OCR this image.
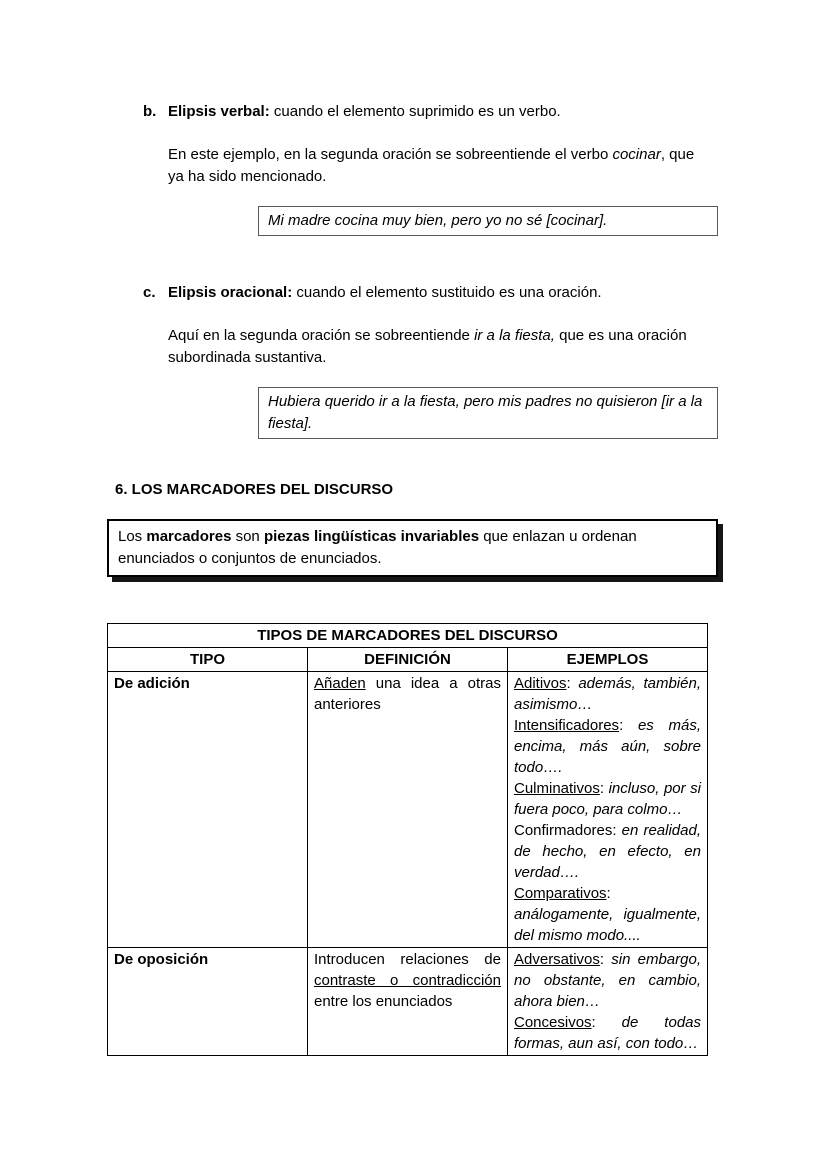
b. Elipsis verbal: cuando el elemento suprimido es un verbo.

En este ejemplo, en la segunda oración se sobreentiende el verbo cocinar, que ya ha sido mencionado.

Mi madre cocina muy bien, pero yo no sé [cocinar].
c. Elipsis oracional: cuando el elemento sustituido es una oración.

Aquí en la segunda oración se sobreentiende ir a la fiesta, que es una oración subordinada sustantiva.

Hubiera querido ir a la fiesta, pero mis padres no quisieron [ir a la fiesta].
6. LOS MARCADORES DEL DISCURSO
Los marcadores son piezas lingüísticas invariables que enlazan u ordenan enunciados o conjuntos de enunciados.
TIPOS DE MARCADORES DEL DISCURSO		
TIPO	DEFINICIÓN	EJEMPLOS
De adición	Añaden una idea a otras anteriores	Aditivos: además, también, asimismo…
Intensificadores: es más, encima, más aún, sobre todo….
Culminativos: incluso, por si fuera poco, para colmo…
Confirmadores: en realidad, de hecho, en efecto, en verdad….
Comparativos: análogamente, igualmente, del mismo modo....

De oposición	Introducen relaciones de contraste o contradicción entre los enunciados	Adversativos: sin embargo, no obstante, en cambio, ahora bien…
Concesivos: de todas formas, aun así, con todo…
